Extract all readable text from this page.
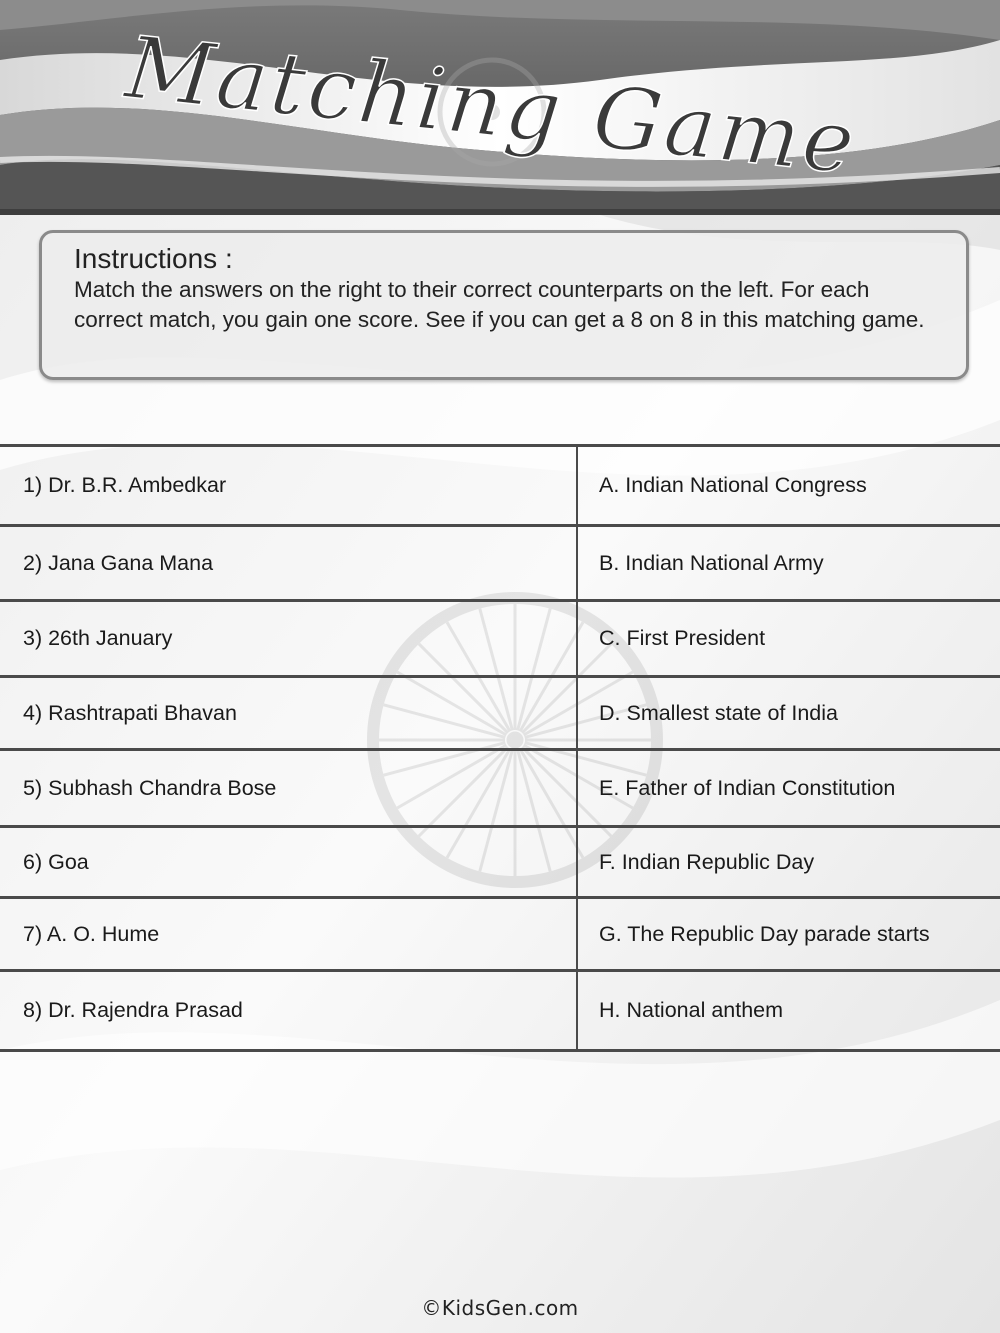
Matching Game
Instructions :

Match the answers on the right to their correct counterparts on the left. For each correct match, you gain one score. See if you can get a 8 on 8 in this matching game.

1) Dr. B.R. Ambedkar	A. Indian National Congress
2) Jana Gana Mana	B. Indian National Army
3) 26th January	C. First President
4) Rashtrapati Bhavan	D. Smallest state of India
5) Subhash Chandra Bose	E. Father of Indian Constitution
6) Goa	F. Indian Republic Day
7) A. O. Hume	G. The Republic Day parade starts
8) Dr. Rajendra Prasad	H. National anthem
©KidsGen.com
